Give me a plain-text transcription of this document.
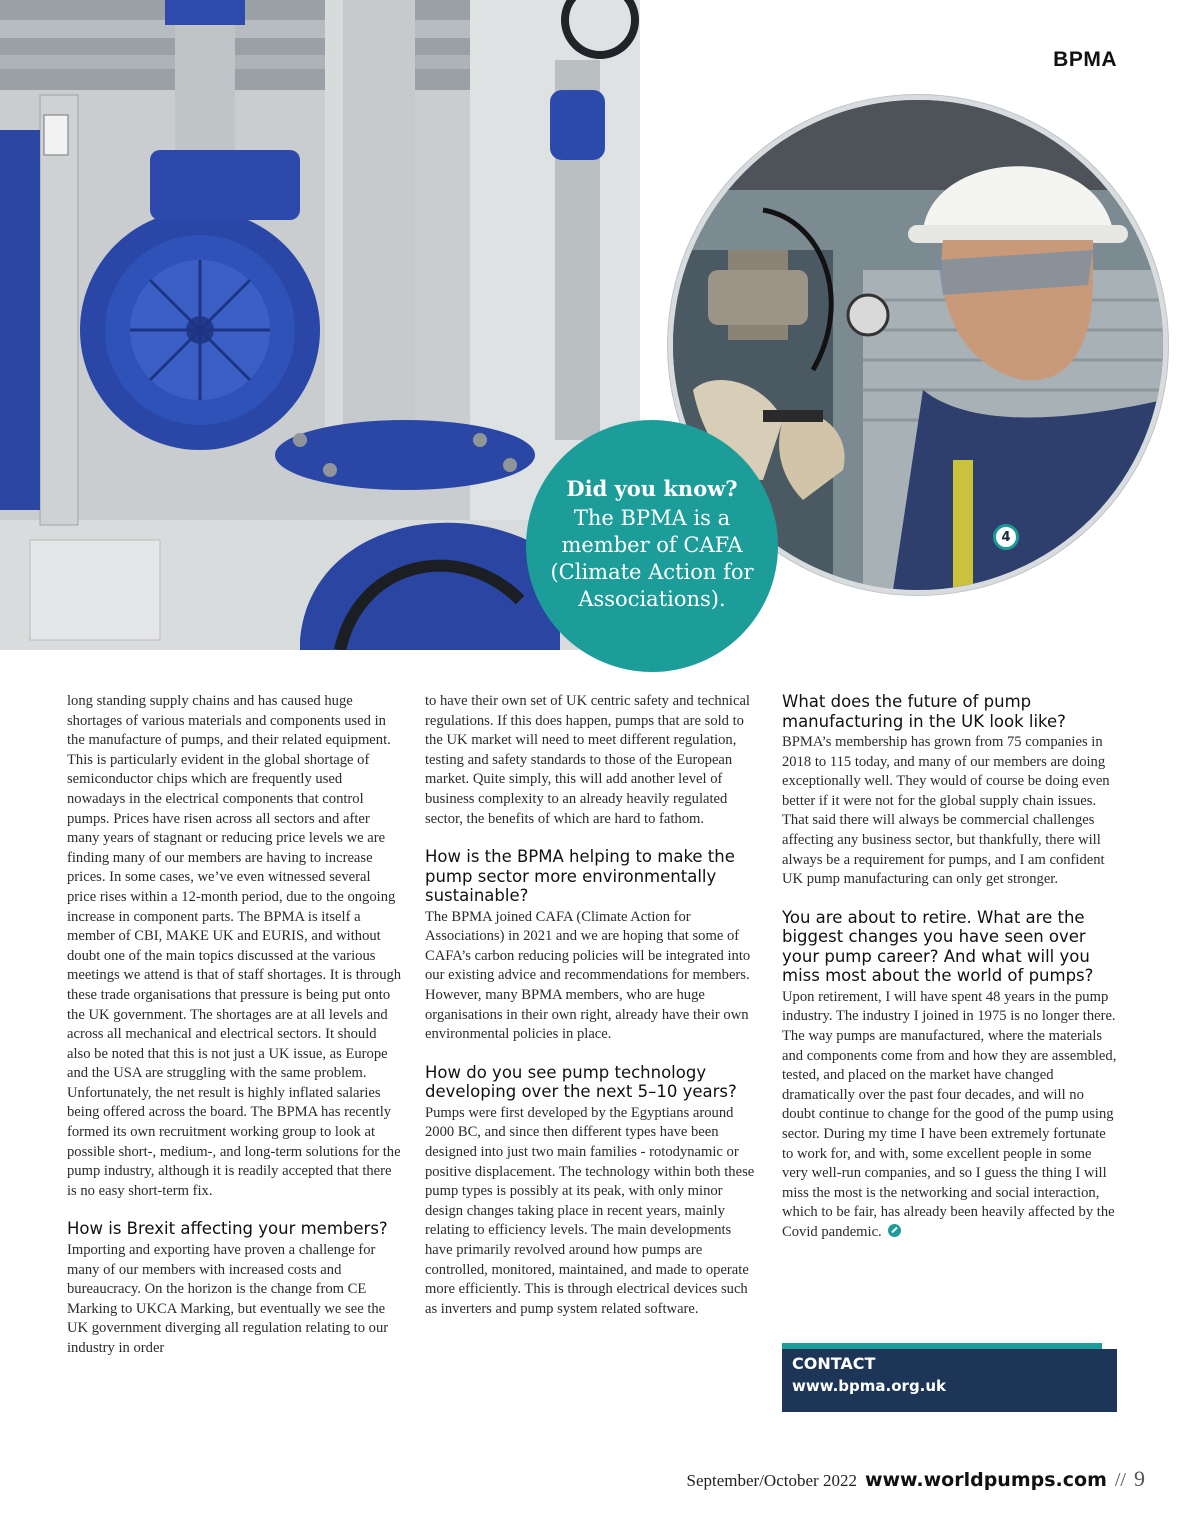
4
BPMA
Did you know?
The BPMA is a member of CAFA (Climate Action for Associations).

long standing supply chains and has caused huge shortages of various materials and components used in the manufacture of pumps, and their related equipment. This is particularly evident in the global shortage of semiconductor chips which are frequently used nowadays in the electrical components that control pumps. Prices have risen across all sectors and after many years of stagnant or reducing price levels we are finding many of our members are having to increase prices. In some cases, we’ve even witnessed several price rises within a 12-month period, due to the ongoing increase in component parts. The BPMA is itself a member of CBI, MAKE UK and EURIS, and without doubt one of the main topics discussed at the various meetings we attend is that of staff shortages. It is through these trade organisations that pressure is being put onto the UK government. The shortages are at all levels and across all mechanical and electrical sectors. It should also be noted that this is not just a UK issue, as Europe and the USA are struggling with the same problem. Unfortunately, the net result is highly inflated salaries being offered across the board. The BPMA has recently formed its own recruitment working group to look at possible short-, medium-, and long-term solutions for the pump industry, although it is readily accepted that there is no easy short-term fix.

How is Brexit affecting your members?

Importing and exporting have proven a challenge for many of our members with increased costs and bureaucracy. On the horizon is the change from CE Marking to UKCA Marking, but eventually we see the UK government diverging all regulation relating to our industry in order

to have their own set of UK centric safety and technical regulations. If this does happen, pumps that are sold to the UK market will need to meet different regulation, testing and safety standards to those of the European market. Quite simply, this will add another level of business complexity to an already heavily regulated sector, the benefits of which are hard to fathom.

How is the BPMA helping to make the pump sector more environmentally sustainable?

The BPMA joined CAFA (Climate Action for Associations) in 2021 and we are hoping that some of CAFA’s carbon reducing policies will be integrated into our existing advice and recommendations for members. However, many BPMA members, who are huge organisations in their own right, already have their own environmental policies in place.

How do you see pump technology developing over the next 5–10 years?

Pumps were first developed by the Egyptians around 2000 BC, and since then different types have been designed into just two main families - rotodynamic or positive displacement. The technology within both these pump types is possibly at its peak, with only minor design changes taking place in recent years, mainly relating to efficiency levels. The main developments have primarily revolved around how pumps are controlled, monitored, maintained, and made to operate more efficiently. This is through electrical devices such as inverters and pump system related software.

What does the future of pump manufacturing in the UK look like?

BPMA’s membership has grown from 75 companies in 2018 to 115 today, and many of our members are doing exceptionally well. They would of course be doing even better if it were not for the global supply chain issues. That said there will always be commercial challenges affecting any business sector, but thankfully, there will always be a requirement for pumps, and I am confident UK pump manufacturing can only get stronger.

You are about to retire. What are the biggest changes you have seen over your pump career? And what will you miss most about the world of pumps?

Upon retirement, I will have spent 48 years in the pump industry. The industry I joined in 1975 is no longer there. The way pumps are manufactured, where the materials and components come from and how they are assembled, tested, and placed on the market have changed dramatically over the past four decades, and will no doubt continue to change for the good of the pump using sector. During my time I have been extremely fortunate to work for, and with, some excellent people in some very well-run companies, and so I guess the thing I will miss the most is the networking and social interaction, which to be fair, has already been heavily affected by the Covid pandemic.

CONTACT
www.bpma.org.uk
September/October 2022 www.worldpumps.com // 9
